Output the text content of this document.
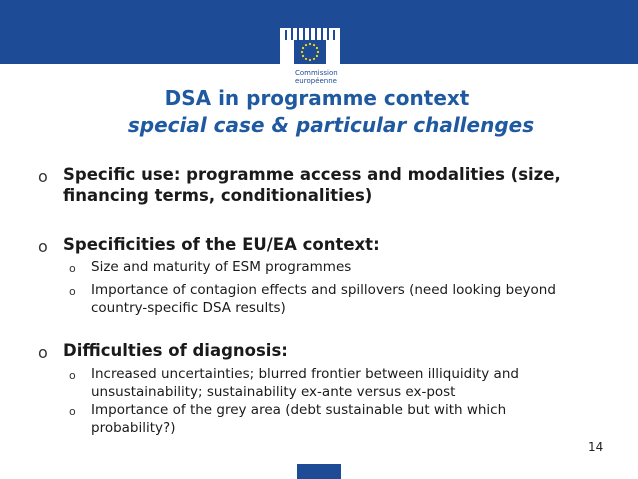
Commission
européenne
DSA in programme context
special case & particular challenges
o Specific use: programme access and modalities (size, financing terms, conditionalities)
o Specificities of the EU/EA context:
o Size and maturity of ESM programmes
o Importance of contagion effects and spillovers (need looking beyond country-specific DSA results)
o Difficulties of diagnosis:
o Increased uncertainties; blurred frontier between illiquidity and unsustainability; sustainability ex-ante versus ex-post
o Importance of the grey area (debt sustainable but with which probability?)
14
